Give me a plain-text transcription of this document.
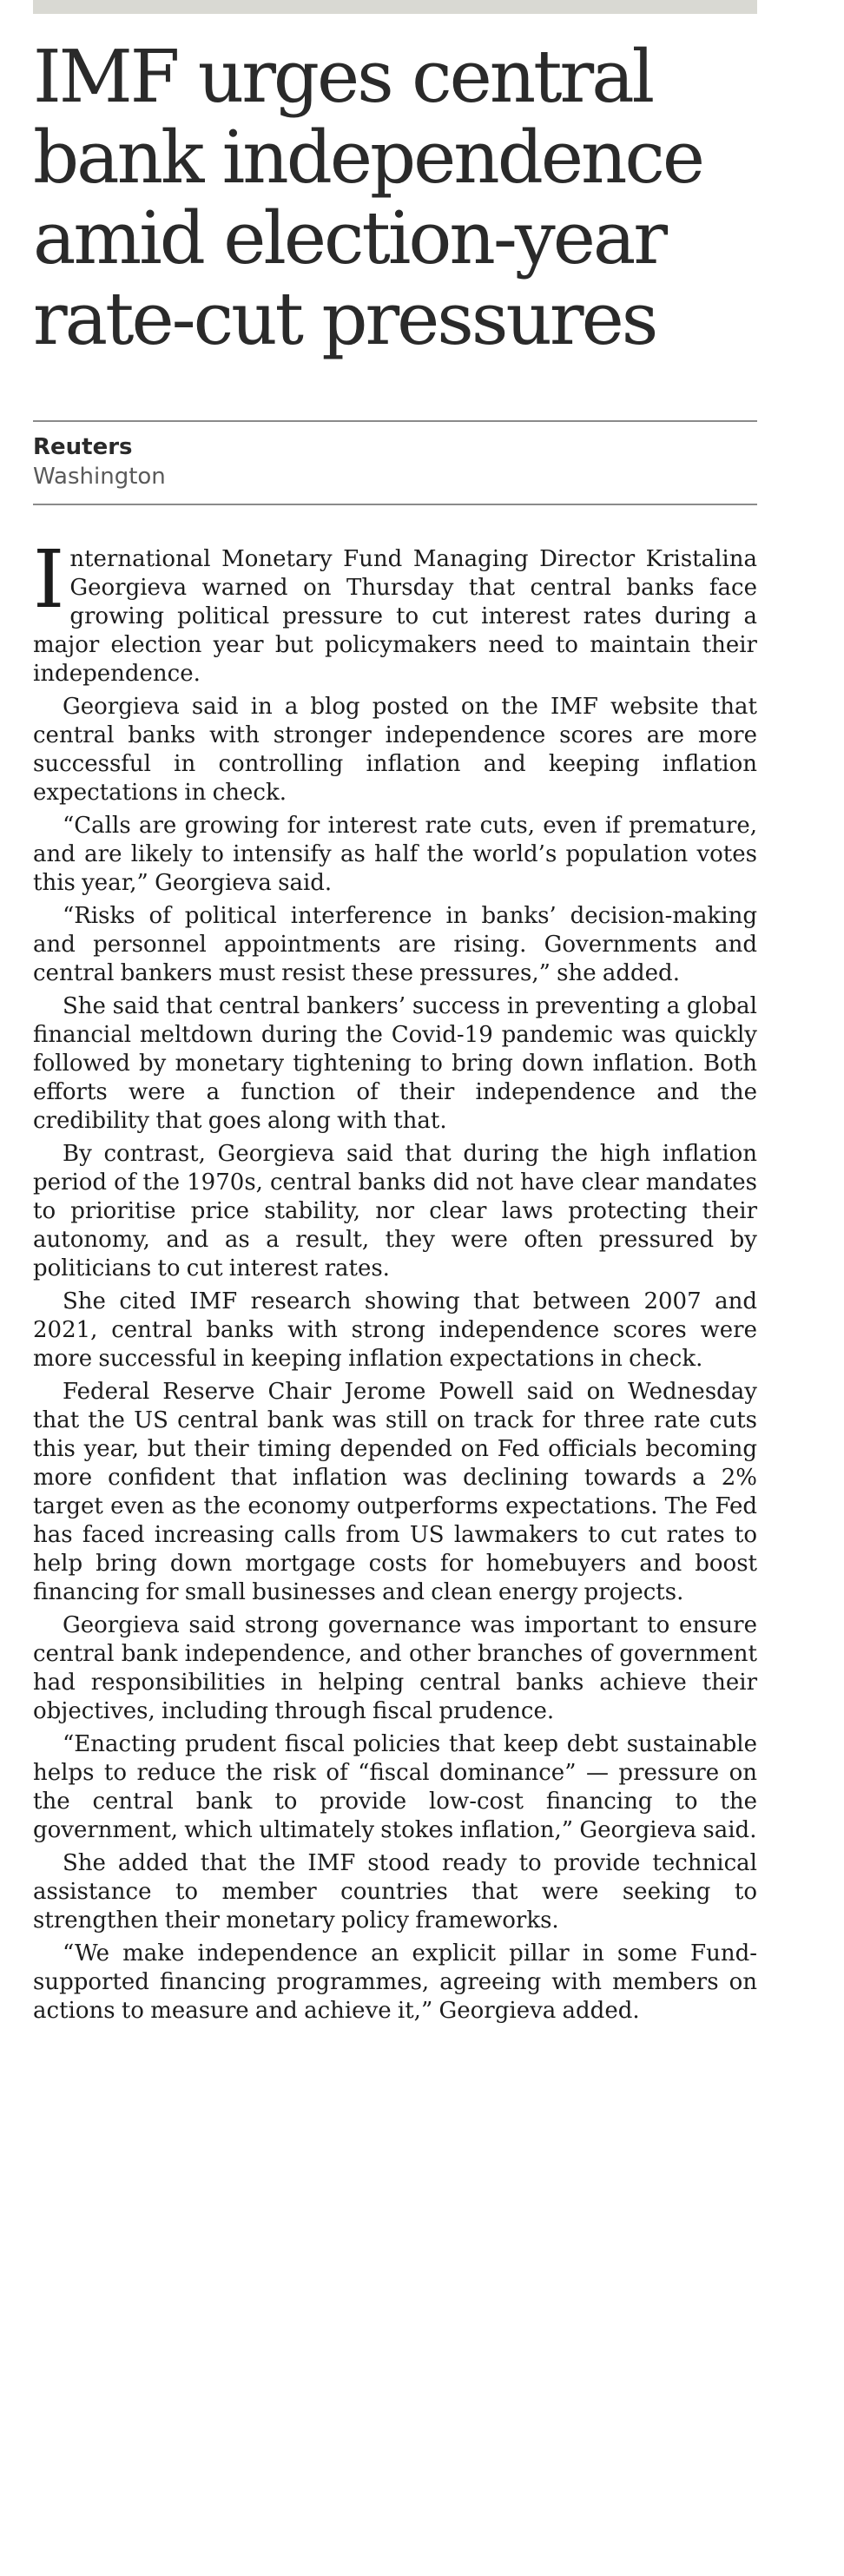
IMF urges central bank independence amid election-year rate-cut pressures
Reuters
Washington

International Monetary Fund Managing Director Kristalina Georgieva warned on Thursday that central banks face growing political pressure to cut interest rates during a major election year but policymakers need to maintain their independence.

Georgieva said in a blog posted on the IMF website that central banks with stronger independence scores are more successful in controlling inflation and keeping inflation expectations in check.

“Calls are growing for interest rate cuts, even if premature, and are likely to intensify as half the world’s population votes this year,” Georgieva said.

“Risks of political interference in banks’ decision-making and personnel appointments are rising. Governments and central bankers must resist these pressures,” she added.

She said that central bankers’ success in preventing a global financial meltdown during the Covid-19 pandemic was quickly followed by monetary tightening to bring down inflation. Both efforts were a function of their independence and the credibility that goes along with that.

By contrast, Georgieva said that during the high inflation period of the 1970s, central banks did not have clear mandates to prioritise price stability, nor clear laws protecting their autonomy, and as a result, they were often pressured by politicians to cut interest rates.

She cited IMF research showing that between 2007 and 2021, central banks with strong independence scores were more successful in keeping inflation expectations in check.

Federal Reserve Chair Jerome Powell said on Wednesday that the US central bank was still on track for three rate cuts this year, but their timing depended on Fed officials becoming more confident that inflation was declining towards a 2% target even as the economy outperforms expectations. The Fed has faced increasing calls from US lawmakers to cut rates to help bring down mortgage costs for homebuyers and boost financing for small businesses and clean energy projects.

Georgieva said strong governance was important to ensure central bank independence, and other branches of government had responsibilities in helping central banks achieve their objectives, including through fiscal prudence.

“Enacting prudent fiscal policies that keep debt sustainable helps to reduce the risk of “fiscal dominance” — pressure on the central bank to provide low-cost financing to the government, which ultimately stokes inflation,” Georgieva said.

She added that the IMF stood ready to provide technical assistance to member countries that were seeking to strengthen their monetary policy frameworks.

“We make independence an explicit pillar in some Fund-supported financing programmes, agreeing with members on actions to measure and achieve it,” Georgieva added.
